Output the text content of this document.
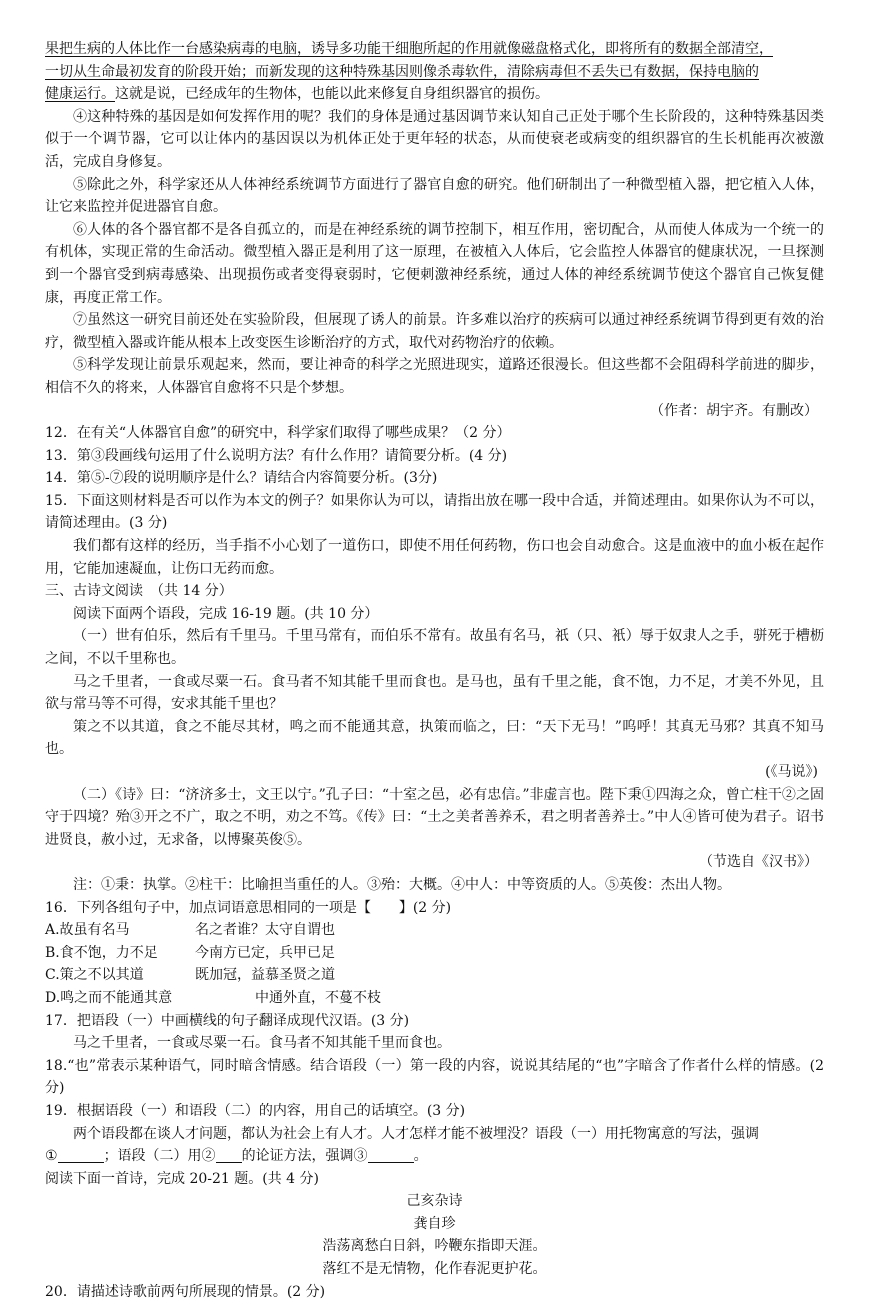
果把生病的人体比作一台感染病毒的电脑，诱导多功能干细胞所起的作用就像磁盘格式化，即将所有的数据全部清空，

一切从生命最初发育的阶段开始；而新发现的这种特殊基因则像杀毒软件，清除病毒但不丢失已有数据，保持电脑的

健康运行。这就是说，已经成年的生物体，也能以此来修复自身组织器官的损伤。

④这种特殊的基因是如何发挥作用的呢？我们的身体是通过基因调节来认知自己正处于哪个生长阶段的，这种特殊基因类似于一个调节器，它可以让体内的基因误以为机体正处于更年轻的状态，从而使衰老或病变的组织器官的生长机能再次被激活，完成自身修复。

⑤除此之外，科学家还从人体神经系统调节方面进行了器官自愈的研究。他们研制出了一种微型植入器，把它植入人体，让它来监控并促进器官自愈。

⑥人体的各个器官都不是各自孤立的，而是在神经系统的调节控制下，相互作用，密切配合，从而使人体成为一个统一的有机体，实现正常的生命活动。微型植入器正是利用了这一原理，在被植入人体后，它会监控人体器官的健康状况，一旦探测到一个器官受到病毒感染、出现损伤或者变得衰弱时，它便刺激神经系统，通过人体的神经系统调节使这个器官自己恢复健康，再度正常工作。

⑦虽然这一研究目前还处在实验阶段，但展现了诱人的前景。许多难以治疗的疾病可以通过神经系统调节得到更有效的治疗，微型植入器或许能从根本上改变医生诊断治疗的方式，取代对药物治疗的依赖。

⑤科学发现让前景乐观起来，然而，要让神奇的科学之光照进现实，道路还很漫长。但这些都不会阻碍科学前进的脚步，相信不久的将来，人体器官自愈将不只是个梦想。

（作者：胡宇齐。有删改）

12．在有关“人体器官自愈”的研究中，科学家们取得了哪些成果？（2 分）

13．第③段画线句运用了什么说明方法？有什么作用？请简要分析。(4 分)

14．第⑤-⑦段的说明顺序是什么？请结合内容简要分析。(3分)

15．下面这则材料是否可以作为本文的例子？如果你认为可以，请指出放在哪一段中合适，并简述理由。如果你认为不可以，请简述理由。(3 分)

我们都有这样的经历，当手指不小心划了一道伤口，即使不用任何药物，伤口也会自动愈合。这是血液中的血小板在起作用，它能加速凝血，让伤口无药而愈。

三、古诗文阅读　（共 14 分）

阅读下面两个语段，完成 16-19 题。(共 10 分）

（一）世有伯乐，然后有千里马。千里马常有，而伯乐不常有。故虽有名马，祇（只、衹）辱于奴隶人之手，骈死于槽枥之间，不以千里称也。

马之千里者，一食或尽粟一石。食马者不知其能千里而食也。是马也，虽有千里之能，食不饱，力不足，才美不外见，且欲与常马等不可得，安求其能千里也？

策之不以其道，食之不能尽其材，鸣之而不能通其意，执策而临之，曰：“天下无马！”呜呼！其真无马邪？其真不知马也。

(《马说》)

（二）《诗》曰：“济济多士，文王以宁。”孔子曰：“十室之邑，必有忠信。”非虚言也。陛下秉①四海之众，曾亡柱干②之固守于四境？殆③开之不广，取之不明，劝之不笃。《传》曰：“土之美者善养禾，君之明者善养士。”中人④皆可使为君子。诏书进贤良，赦小过，无求备，以博聚英俊⑤。

（节选自《汉书》）

注：①秉：执掌。②柱干：比喻担当重任的人。③殆：大概。④中人：中等资质的人。⑤英俊：杰出人物。

16．下列各组句子中，加点词语意思相同的一项是【　　】(2 分)

A.故虽有名马	名之者谁？太守自谓也

B.食不饱，力不足	今南方已定，兵甲已足

C.策之不以其道	既加冠，益慕圣贤之道

D.鸣之而不能通其意	中通外直，不蔓不枝

17．把语段（一）中画横线的句子翻译成现代汉语。(3 分)

马之千里者，一食或尽粟一石。食马者不知其能千里而食也。

18.“也”常表示某种语气，同时暗含情感。结合语段（一）第一段的内容，说说其结尾的“也”字暗含了作者什么样的情感。(2 分)

19．根据语段（一）和语段（二）的内容，用自己的话填空。(3 分)

两个语段都在谈人才问题，都认为社会上有人才。人才怎样才能不被埋没？语段（一）用托物寓意的写法，强调

①	；语段（二）用② 的论证方法，强调③	。

阅读下面一首诗，完成 20-21 题。(共 4 分)

己亥杂诗

龚自珍

浩荡离愁白日斜，吟鞭东指即天涯。

落红不是无情物，化作春泥更护花。

20．请描述诗歌前两句所展现的情景。(2 分)
